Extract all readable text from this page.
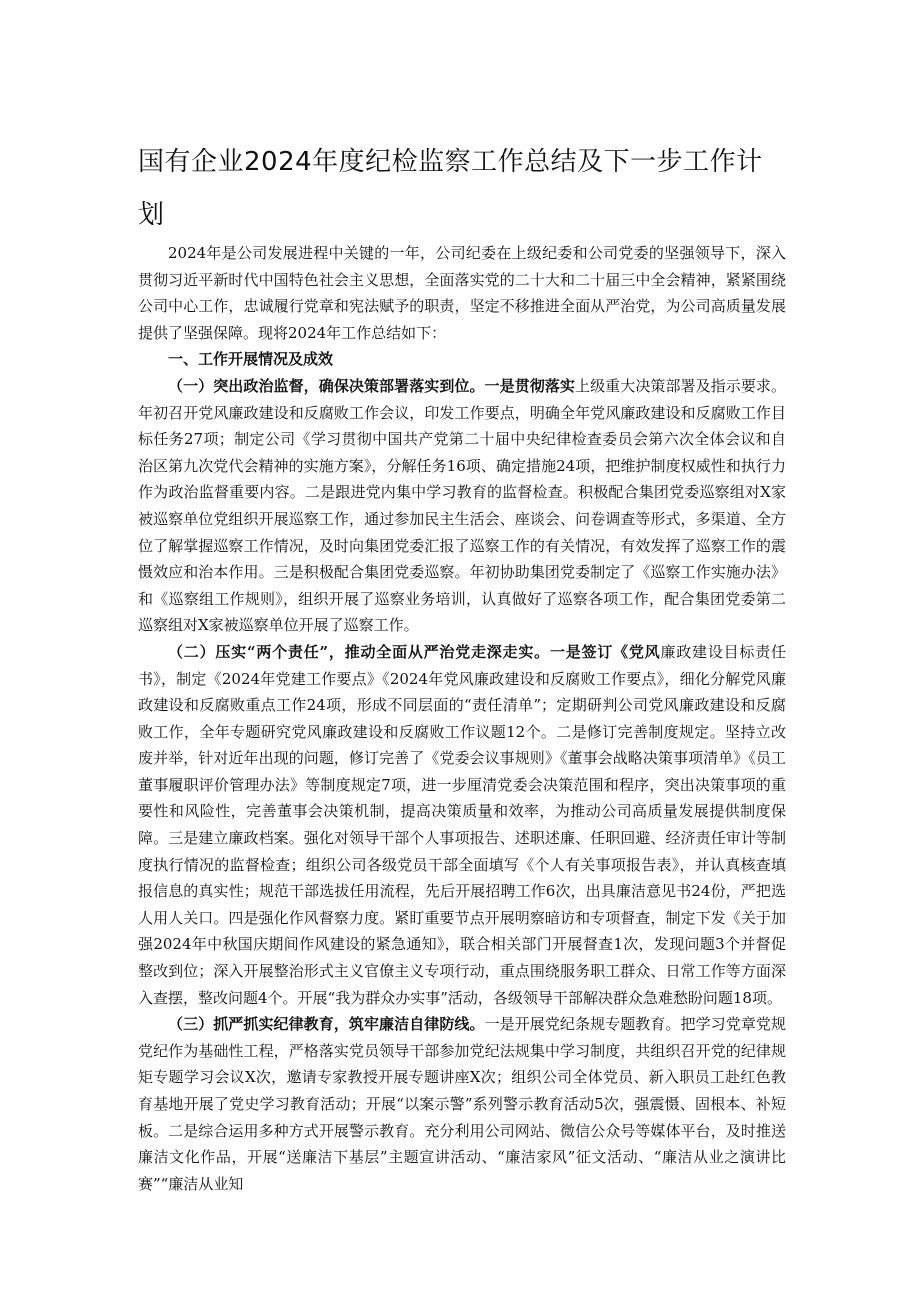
国有企业2024年度纪检监察工作总结及下一步工作计划

2024年是公司发展进程中关键的一年，公司纪委在上级纪委和公司党委的坚强领导下，深入贯彻习近平新时代中国特色社会主义思想，全面落实党的二十大和二十届三中全会精神，紧紧围绕公司中心工作，忠诚履行党章和宪法赋予的职责，坚定不移推进全面从严治党，为公司高质量发展提供了坚强保障。现将2024年工作总结如下：

一、工作开展情况及成效

（一）突出政治监督，确保决策部署落实到位。一是贯彻落实上级重大决策部署及指示要求。年初召开党风廉政建设和反腐败工作会议，印发工作要点，明确全年党风廉政建设和反腐败工作目标任务27项；制定公司《学习贯彻中国共产党第二十届中央纪律检查委员会第六次全体会议和自治区第九次党代会精神的实施方案》，分解任务16项、确定措施24项，把维护制度权威性和执行力作为政治监督重要内容。二是跟进党内集中学习教育的监督检查。积极配合集团党委巡察组对X家被巡察单位党组织开展巡察工作，通过参加民主生活会、座谈会、问卷调查等形式，多渠道、全方位了解掌握巡察工作情况，及时向集团党委汇报了巡察工作的有关情况，有效发挥了巡察工作的震慑效应和治本作用。三是积极配合集团党委巡察。年初协助集团党委制定了《巡察工作实施办法》和《巡察组工作规则》，组织开展了巡察业务培训，认真做好了巡察各项工作，配合集团党委第二巡察组对X家被巡察单位开展了巡察工作。

（二）压实“两个责任”，推动全面从严治党走深走实。一是签订《党风廉政建设目标责任书》，制定《2024年党建工作要点》《2024年党风廉政建设和反腐败工作要点》，细化分解党风廉政建设和反腐败重点工作24项，形成不同层面的“责任清单”；定期研判公司党风廉政建设和反腐败工作，全年专题研究党风廉政建设和反腐败工作议题12个。二是修订完善制度规定。坚持立改废并举，针对近年出现的问题，修订完善了《党委会议事规则》《董事会战略决策事项清单》《员工董事履职评价管理办法》等制度规定7项，进一步厘清党委会决策范围和程序，突出决策事项的重要性和风险性，完善董事会决策机制，提高决策质量和效率，为推动公司高质量发展提供制度保障。三是建立廉政档案。强化对领导干部个人事项报告、述职述廉、任职回避、经济责任审计等制度执行情况的监督检查；组织公司各级党员干部全面填写《个人有关事项报告表》，并认真核查填报信息的真实性；规范干部选拔任用流程，先后开展招聘工作6次，出具廉洁意见书24份，严把选人用人关口。四是强化作风督察力度。紧盯重要节点开展明察暗访和专项督查，制定下发《关于加强2024年中秋国庆期间作风建设的紧急通知》，联合相关部门开展督查1次，发现问题3个并督促整改到位；深入开展整治形式主义官僚主义专项行动，重点围绕服务职工群众、日常工作等方面深入查摆，整改问题4个。开展“我为群众办实事”活动，各级领导干部解决群众急难愁盼问题18项。

（三）抓严抓实纪律教育，筑牢廉洁自律防线。一是开展党纪条规专题教育。把学习党章党规党纪作为基础性工程，严格落实党员领导干部参加党纪法规集中学习制度，共组织召开党的纪律规矩专题学习会议X次，邀请专家教授开展专题讲座X次；组织公司全体党员、新入职员工赴红色教育基地开展了党史学习教育活动；开展“以案示警”系列警示教育活动5次，强震慑、固根本、补短板。二是综合运用多种方式开展警示教育。充分利用公司网站、微信公众号等媒体平台，及时推送廉洁文化作品，开展“送廉洁下基层”主题宣讲活动、“廉洁家风”征文活动、“廉洁从业之演讲比赛”“廉洁从业知
